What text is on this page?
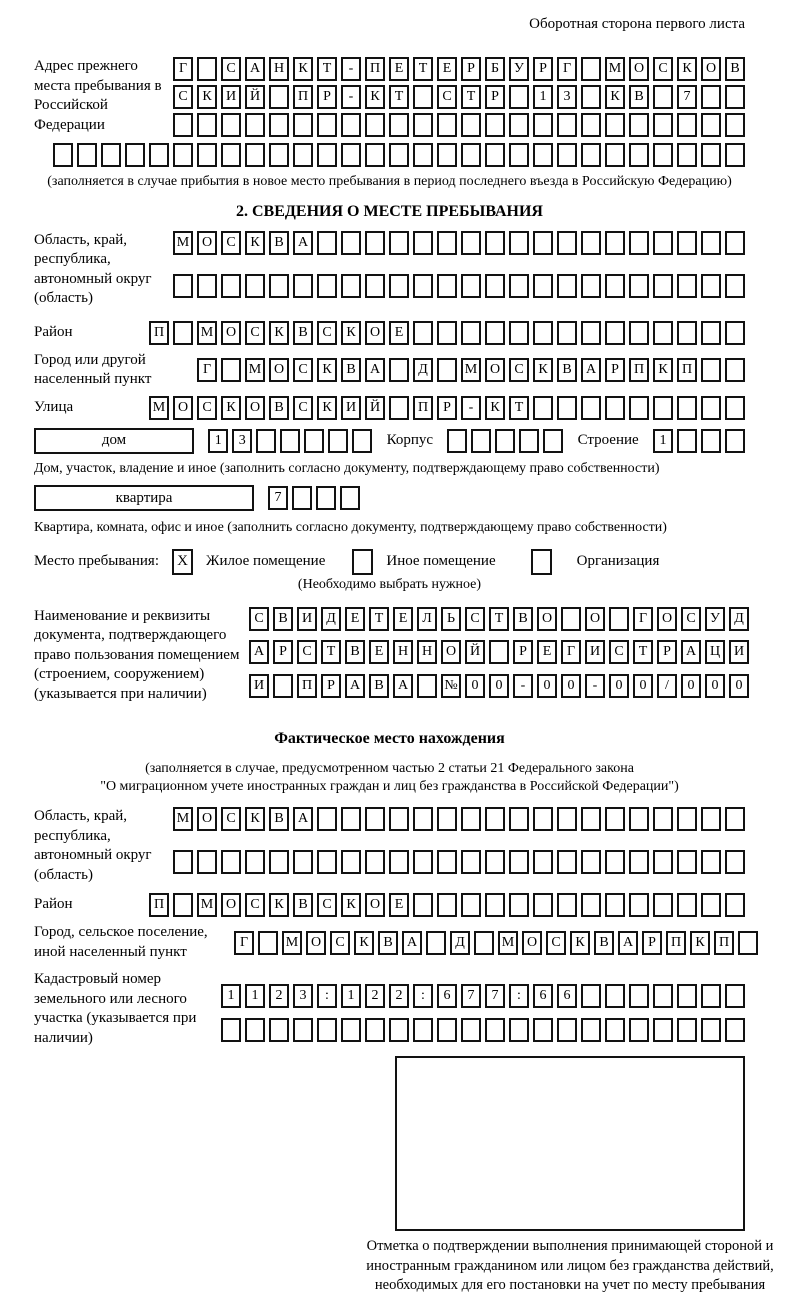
Оборотная сторона первого листа
Адрес прежнего места пребывания в Российской Федерации
Г	С	А Н	К	Т	-	П	Е	Т	Е	Р	Б	У	Р	Г	М О	С	К	О	В
С	К	И Й	П	Р	-	К	Т	С	Т	Р	1	3	К	В	7
(заполняется в случае прибытия в новое место пребывания в период последнего въезда в Российскую Федерацию)
2. СВЕДЕНИЯ О МЕСТЕ ПРЕБЫВАНИЯ
Область, край, республика, автономный округ (область)
М О	С	К	В	А
Район	П	М О	С	К	В	С	К	О	Е
Город или другой населенный пункт
Г	М О	С	К	В	А	Д	М О	С	К	В	А	Р	П	К	П
Улица	М О	С	К	О	В	С	К	И Й	П	Р	-	К	Т
дом	1	3	Корпус	Строение	1
Дом, участок, владение и иное (заполнить согласно документу, подтверждающему право собственности)
квартира	7
Квартира, комната, офис и иное (заполнить согласно документу, подтверждающему право собственности)
Место пребывания: X Жилое помещение	Иное помещение	Организация
(Необходимо выбрать нужное)
Наименование и реквизиты документа, подтверждающего право пользования помещением (строением, сооружением) (указывается при наличии)
С	В	И	Д	Е	Т	Е	Л	Ь	С	Т	В	О	О	Г	О	С	У	Д
А	Р	С	Т	В	Е	Н Н О Й	Р	Е	Г	И	С	Т	Р	А Ц И
И	П	Р	А	В	А	№ 0	0	-	0	0	-	0	0	/	0	0	0
Фактическое место нахождения
(заполняется в случае, предусмотренном частью 2 статьи 21 Федерального закона
"О миграционном учете иностранных граждан и лиц без гражданства в Российской Федерации")
Область, край, республика, автономный округ (область)
М О	С	К	В	А
Район	П	М О	С	К	В	С	К	О	Е
Город, сельское поселение, иной населенный пункт
Г	М О	С	К	В	А	Д	М О	С	К	В	А	Р	П	К	П
Кадастровый номер земельного или лесного участка (указывается при наличии)
1	1	2	3	:	1	2	2	:	6	7	7	:	6	6
Отметка о подтверждении выполнения принимающей стороной и иностранным гражданином или лицом без гражданства действий, необходимых для его постановки на учет по месту пребывания
